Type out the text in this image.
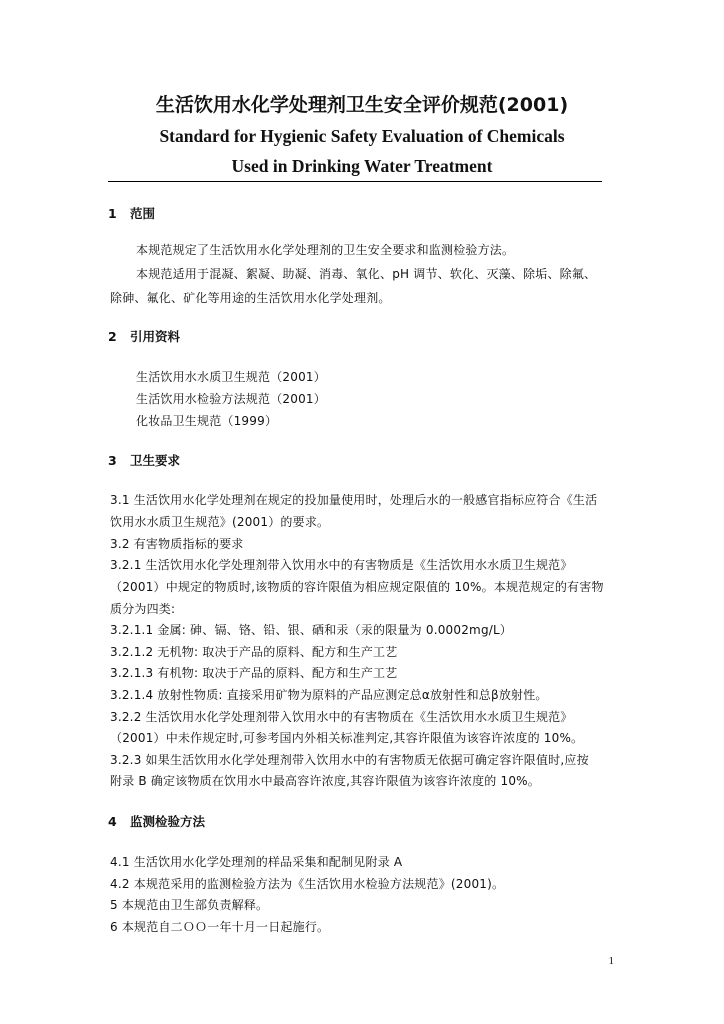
生活饮用水化学处理剂卫生安全评价规范(2001)
Standard for Hygienic Safety Evaluation of Chemicals
Used in Drinking Water Treatment
1 范围
本规范规定了生活饮用水化学处理剂的卫生安全要求和监测检验方法。
本规范适用于混凝、絮凝、助凝、消毒、氧化、pH 调节、软化、灭藻、除垢、除氟、
除砷、氟化、矿化等用途的生活饮用水化学处理剂。
2 引用资料
生活饮用水水质卫生规范（2001）
生活饮用水检验方法规范（2001）
化妆品卫生规范（1999）
3 卫生要求
3.1 生活饮用水化学处理剂在规定的投加量使用时，处理后水的一般感官指标应符合《生活
饮用水水质卫生规范》(2001）的要求。
3.2 有害物质指标的要求
3.2.1 生活饮用水化学处理剂带入饮用水中的有害物质是《生活饮用水水质卫生规范》
（2001）中规定的物质时,该物质的容许限值为相应规定限值的 10%。本规范规定的有害物
质分为四类:
3.2.1.1 金属: 砷、镉、铬、铅、银、硒和汞（汞的限量为 0.0002mg/L）
3.2.1.2 无机物: 取决于产品的原料、配方和生产工艺
3.2.1.3 有机物: 取决于产品的原料、配方和生产工艺
3.2.1.4 放射性物质: 直接采用矿物为原料的产品应测定总α放射性和总β放射性。
3.2.2 生活饮用水化学处理剂带入饮用水中的有害物质在《生活饮用水水质卫生规范》
（2001）中未作规定时,可参考国内外相关标准判定,其容许限值为该容许浓度的 10%。
3.2.3 如果生活饮用水化学处理剂带入饮用水中的有害物质无依据可确定容许限值时,应按
附录 B 确定该物质在饮用水中最高容许浓度,其容许限值为该容许浓度的 10%。
4 监测检验方法
4.1 生活饮用水化学处理剂的样品采集和配制见附录 A
4.2 本规范采用的监测检验方法为《生活饮用水检验方法规范》(2001)。
5 本规范由卫生部负责解释。
6 本规范自二ＯＯ一年十月一日起施行。
1
